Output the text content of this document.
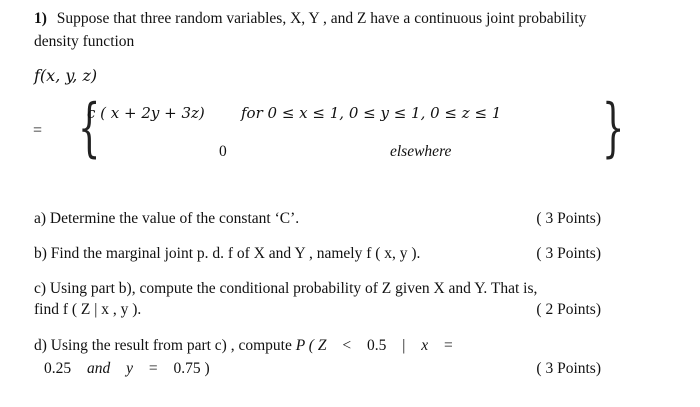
1) Suppose that three random variables, X, Y , and Z have a continuous joint probability
density function
f(x, y, z)
= {
c ( x + 2y + 3z) for 0 ≤ x ≤ 1, 0 ≤ y ≤ 1, 0 ≤ z ≤ 1 }
0	elsewhere
a) Determine the value of the constant ‘C’.	( 3 Points)
b) Find the marginal joint p. d. f of X and Y , namely f ( x, y ).	( 3 Points)
c) Using part b), compute the conditional probability of Z given X and Y. That is,
find f ( Z | x , y ).	( 2 Points)
d) Using the result from part c) , compute P ( Z < 0.5 | x =
0.25 and y = 0.75 )	( 3 Points)
